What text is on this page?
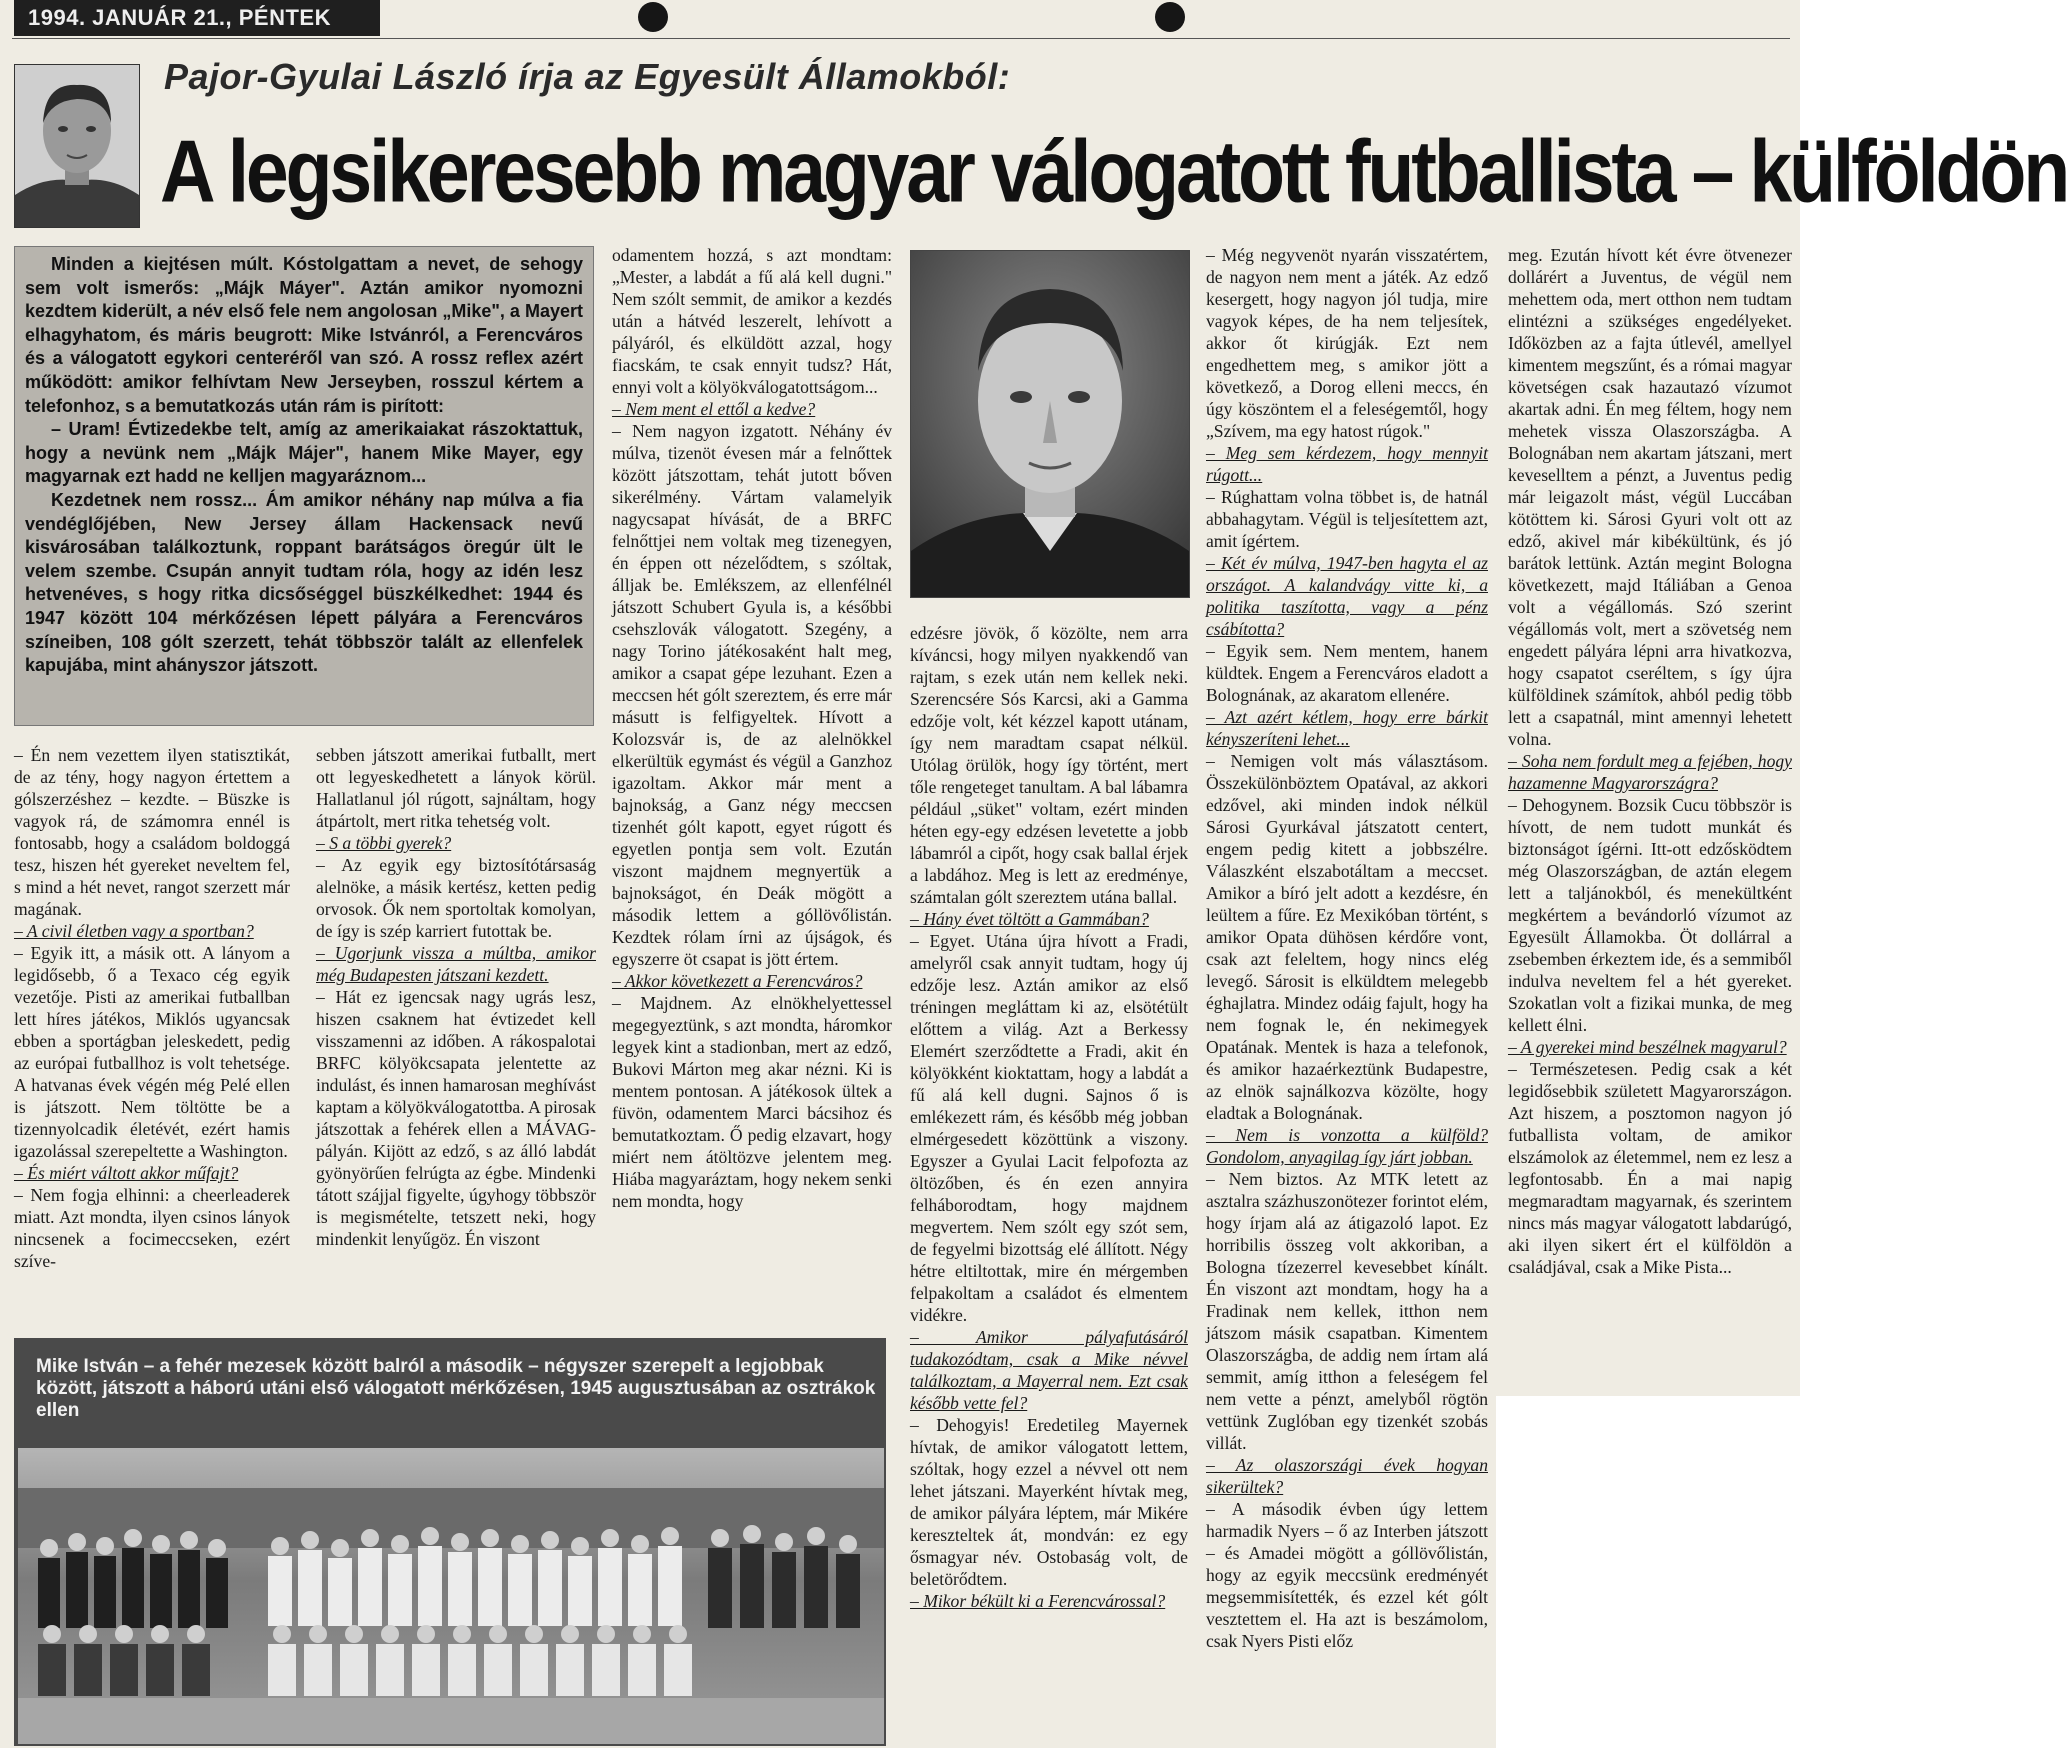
1994. JANUÁR 21., PÉNTEK
Pajor-Gyulai László írja az Egyesült Államokból:
A legsikeresebb magyar válogatott futballista – külföldön

Minden a kiejtésen múlt. Kóstolgattam a nevet, de sehogy sem volt ismerős: „Májk Máyer". Aztán amikor nyomozni kezdtem kiderült, a név első fele nem angolosan „Mike", a Mayert elhagyhatom, és máris beugrott: Mike Istvánról, a Ferencváros és a válogatott egykori centeréről van szó. A rossz reflex azért működött: amikor felhívtam New Jerseyben, rosszul kértem a telefonhoz, s a bemutatkozás után rám is pirított:

– Uram! Évtizedekbe telt, amíg az amerikaiakat rászoktattuk, hogy a nevünk nem „Májk Májer", hanem Mike Mayer, egy magyarnak ezt hadd ne kelljen magyaráznom...

Kezdetnek nem rossz... Ám amikor néhány nap múlva a fia vendéglőjében, New Jersey állam Hackensack nevű kisvárosában találkoztunk, roppant barátságos öregúr ült le velem szembe. Csupán annyit tudtam róla, hogy az idén lesz hetvenéves, s hogy ritka dicsőséggel büszkélkedhet: 1944 és 1947 között 104 mérkőzésen lépett pályára a Ferencváros színeiben, 108 gólt szerzett, tehát többször talált az ellenfelek kapujába, mint ahányszor játszott.

– Én nem vezettem ilyen statisztikát, de az tény, hogy nagyon értettem a gólszerzéshez – kezdte. – Büszke is vagyok rá, de számomra ennél is fontosabb, hogy a családom boldoggá tesz, hiszen hét gyereket neveltem fel, s mind a hét nevet, rangot szerzett már magának.

– A civil életben vagy a sportban?

– Egyik itt, a másik ott. A lányom a legidősebb, ő a Texaco cég egyik vezetője. Pisti az amerikai futballban lett híres játékos, Miklós ugyancsak ebben a sportágban jeleskedett, pedig az európai futballhoz is volt tehetsége. A hatvanas évek végén még Pelé ellen is játszott. Nem töltötte be a tizennyolcadik életévét, ezért hamis igazolással szerepeltette a Washington.

– És miért váltott akkor műfajt?

– Nem fogja elhinni: a cheerleaderek miatt. Azt mondta, ilyen csinos lányok nincsenek a focimeccseken, ezért szíve-

sebben játszott amerikai futballt, mert ott legyeskedhetett a lányok körül. Hallatlanul jól rúgott, sajnáltam, hogy átpártolt, mert ritka tehetség volt.

– S a többi gyerek?

– Az egyik egy biztosítótársaság alelnöke, a másik kertész, ketten pedig orvosok. Ők nem sportoltak komolyan, de így is szép karriert futottak be.

– Ugorjunk vissza a múltba, amikor még Budapesten játszani kezdett.

– Hát ez igencsak nagy ugrás lesz, hiszen csaknem hat évtizedet kell visszamenni az időben. A rákospalotai BRFC kölyökcsapata jelentette az indulást, és innen hamarosan meghívást kaptam a kölyökválogatottba. A pirosak játszottak a fehérek ellen a MÁVAG-pályán. Kijött az edző, s az álló labdát gyönyörűen felrúgta az égbe. Mindenki tátott szájjal figyelte, úgyhogy többször is megismételte, tetszett neki, hogy mindenkit lenyűgöz. Én viszont

odamentem hozzá, s azt mondtam: „Mester, a labdát a fű alá kell dugni." Nem szólt semmit, de amikor a kezdés után a hátvéd leszerelt, lehívott a pályáról, és elküldött azzal, hogy fiacskám, te csak ennyit tudsz? Hát, ennyi volt a kölyökválogatottságom...

– Nem ment el ettől a kedve?

– Nem nagyon izgatott. Néhány év múlva, tizenöt évesen már a felnőttek között játszottam, tehát jutott bőven sikerélmény. Vártam valamelyik nagycsapat hívását, de a BRFC felnőttjei nem voltak meg tizenegyen, én éppen ott nézelődtem, s szóltak, álljak be. Emlékszem, az ellenfélnél játszott Schubert Gyula is, a későbbi csehszlovák válogatott. Szegény, a nagy Torino játékosaként halt meg, amikor a csapat gépe lezuhant. Ezen a meccsen hét gólt szereztem, és erre már másutt is felfigyeltek. Hívott a Kolozsvár is, de az alelnökkel elkerültük egymást és végül a Ganzhoz igazoltam. Akkor már ment a bajnokság, a Ganz négy meccsen tizenhét gólt kapott, egyet rúgott és egyetlen pontja sem volt. Ezután viszont majdnem megnyertük a bajnokságot, én Deák mögött a második lettem a góllövőlistán. Kezdtek rólam írni az újságok, és egyszerre öt csapat is jött értem.

– Akkor következett a Ferencváros?

– Majdnem. Az elnökhelyettessel megegyeztünk, s azt mondta, háromkor legyek kint a stadionban, mert az edző, Bukovi Márton meg akar nézni. Ki is mentem pontosan. A játékosok ültek a füvön, odamentem Marci bácsihoz és bemutatkoztam. Ő pedig elzavart, hogy miért nem átöltözve jelentem meg. Hiába magyaráztam, hogy nekem senki nem mondta, hogy

edzésre jövök, ő közölte, nem arra kíváncsi, hogy milyen nyakkendő van rajtam, s ezek után nem kellek neki. Szerencsére Sós Karcsi, aki a Gamma edzője volt, két kézzel kapott utánam, így nem maradtam csapat nélkül. Utólag örülök, hogy így történt, mert tőle rengeteget tanultam. A bal lábamra például „süket" voltam, ezért minden héten egy-egy edzésen levetette a jobb lábamról a cipőt, hogy csak ballal érjek a labdához. Meg is lett az eredménye, számtalan gólt szereztem utána ballal.

– Hány évet töltött a Gammában?

– Egyet. Utána újra hívott a Fradi, amelyről csak annyit tudtam, hogy új edzője lesz. Aztán amikor az első tréningen megláttam ki az, elsötétült előttem a világ. Azt a Berkessy Elemért szerződtette a Fradi, akit én kölyökként kioktattam, hogy a labdát a fű alá kell dugni. Sajnos ő is emlékezett rám, és később még jobban elmérgesedett közöttünk a viszony. Egyszer a Gyulai Lacit felpofozta az öltözőben, és én ezen annyira felháborodtam, hogy majdnem megvertem. Nem szólt egy szót sem, de fegyelmi bizottság elé állított. Négy hétre eltiltottak, mire én mérgemben felpakoltam a családot és elmentem vidékre.

– Amikor pályafutásáról tudakozódtam, csak a Mike névvel találkoztam, a Mayerral nem. Ezt csak később vette fel?

– Dehogyis! Eredetileg Mayernek hívtak, de amikor válogatott lettem, szóltak, hogy ezzel a névvel ott nem lehet játszani. Mayerként hívtak meg, de amikor pályára léptem, már Mikére kereszteltek át, mondván: ez egy ősmagyar név. Ostobaság volt, de beletörődtem.

– Mikor békült ki a Ferencvárossal?

– Még negyvenöt nyarán visszatértem, de nagyon nem ment a játék. Az edző kesergett, hogy nagyon jól tudja, mire vagyok képes, de ha nem teljesítek, akkor őt kirúgják. Ezt nem engedhettem meg, s amikor jött a következő, a Dorog elleni meccs, én úgy köszöntem el a feleségemtől, hogy „Szívem, ma egy hatost rúgok."

– Meg sem kérdezem, hogy mennyit rúgott...

– Rúghattam volna többet is, de hatnál abbahagytam. Végül is teljesítettem azt, amit ígértem.

– Két év múlva, 1947-ben hagyta el az országot. A kalandvágy vitte ki, a politika taszította, vagy a pénz csábította?

– Egyik sem. Nem mentem, hanem küldtek. Engem a Ferencváros eladott a Bolognának, az akaratom ellenére.

– Azt azért kétlem, hogy erre bárkit kényszeríteni lehet...

– Nemigen volt más választásom. Összekülönböztem Opatával, az akkori edzővel, aki minden indok nélkül Sárosi Gyurkával játszatott centert, engem pedig kitett a jobbszélre. Válaszként elszabotáltam a meccset. Amikor a bíró jelt adott a kezdésre, én leültem a fűre. Ez Mexikóban történt, s amikor Opata dühösen kérdőre vont, csak azt feleltem, hogy nincs elég levegő. Sárosit is elküldtem melegebb éghajlatra. Mindez odáig fajult, hogy ha nem fognak le, én nekimegyek Opatának. Mentek is haza a telefonok, és amikor hazaérkeztünk Budapestre, az elnök sajnálkozva közölte, hogy eladtak a Bolognának.

– Nem is vonzotta a külföld? Gondolom, anyagilag így járt jobban.

– Nem biztos. Az MTK letett az asztalra százhuszonötezer forintot elém, hogy írjam alá az átigazoló lapot. Ez horribilis összeg volt akkoriban, a Bologna tízezerrel kevesebbet kínált. Én viszont azt mondtam, hogy ha a Fradinak nem kellek, itthon nem játszom másik csapatban. Kimentem Olaszországba, de addig nem írtam alá semmit, amíg itthon a feleségem fel nem vette a pénzt, amelyből rögtön vettünk Zuglóban egy tizenkét szobás villát.

– Az olaszországi évek hogyan sikerültek?

– A második évben úgy lettem harmadik Nyers – ő az Interben játszott – és Amadei mögött a góllövőlistán, hogy az egyik meccsünk eredményét megsemmisítették, és ezzel két gólt vesztettem el. Ha azt is beszámolom, csak Nyers Pisti előz

meg. Ezután hívott két évre ötvenezer dollárért a Juventus, de végül nem mehettem oda, mert otthon nem tudtam elintézni a szükséges engedélyeket. Időközben az a fajta útlevél, amellyel kimentem megszűnt, és a római magyar követségen csak hazautazó vízumot akartak adni. Én meg féltem, hogy nem mehetek vissza Olaszországba. A Bolognában nem akartam játszani, mert keveselltem a pénzt, a Juventus pedig már leigazolt mást, végül Luccában kötöttem ki. Sárosi Gyuri volt ott az edző, akivel már kibékültünk, és jó barátok lettünk. Aztán megint Bologna következett, majd Itáliában a Genoa volt a végállomás. Szó szerint végállomás volt, mert a szövetség nem engedett pályára lépni arra hivatkozva, hogy csapatot cseréltem, s így újra külföldinek számítok, ahból pedig több lett a csapatnál, mint amennyi lehetett volna.

– Soha nem fordult meg a fejében, hogy hazamenne Magyarországra?

– Dehogynem. Bozsik Cucu többször is hívott, de nem tudott munkát és biztonságot ígérni. Itt-ott edzősködtem még Olaszországban, de aztán elegem lett a taljánokból, és menekültként megkértem a bevándorló vízumot az Egyesült Államokba. Öt dollárral a zsebemben érkeztem ide, és a semmiből indulva neveltem fel a hét gyereket. Szokatlan volt a fizikai munka, de meg kellett élni.

– A gyerekei mind beszélnek magyarul?

– Természetesen. Pedig csak a két legidősebbik született Magyarországon. Azt hiszem, a posztomon nagyon jó futballista voltam, de amikor elszámolok az életemmel, nem ez lesz a legfontosabb. Én a mai napig megmaradtam magyarnak, és szerintem nincs más magyar válogatott labdarúgó, aki ilyen sikert ért el külföldön a családjával, csak a Mike Pista...

Mike István – a fehér mezesek között balról a második – négyszer szerepelt a legjobbak között, játszott a háború utáni első válogatott mérkőzésen, 1945 augusztusában az osztrákok ellen
